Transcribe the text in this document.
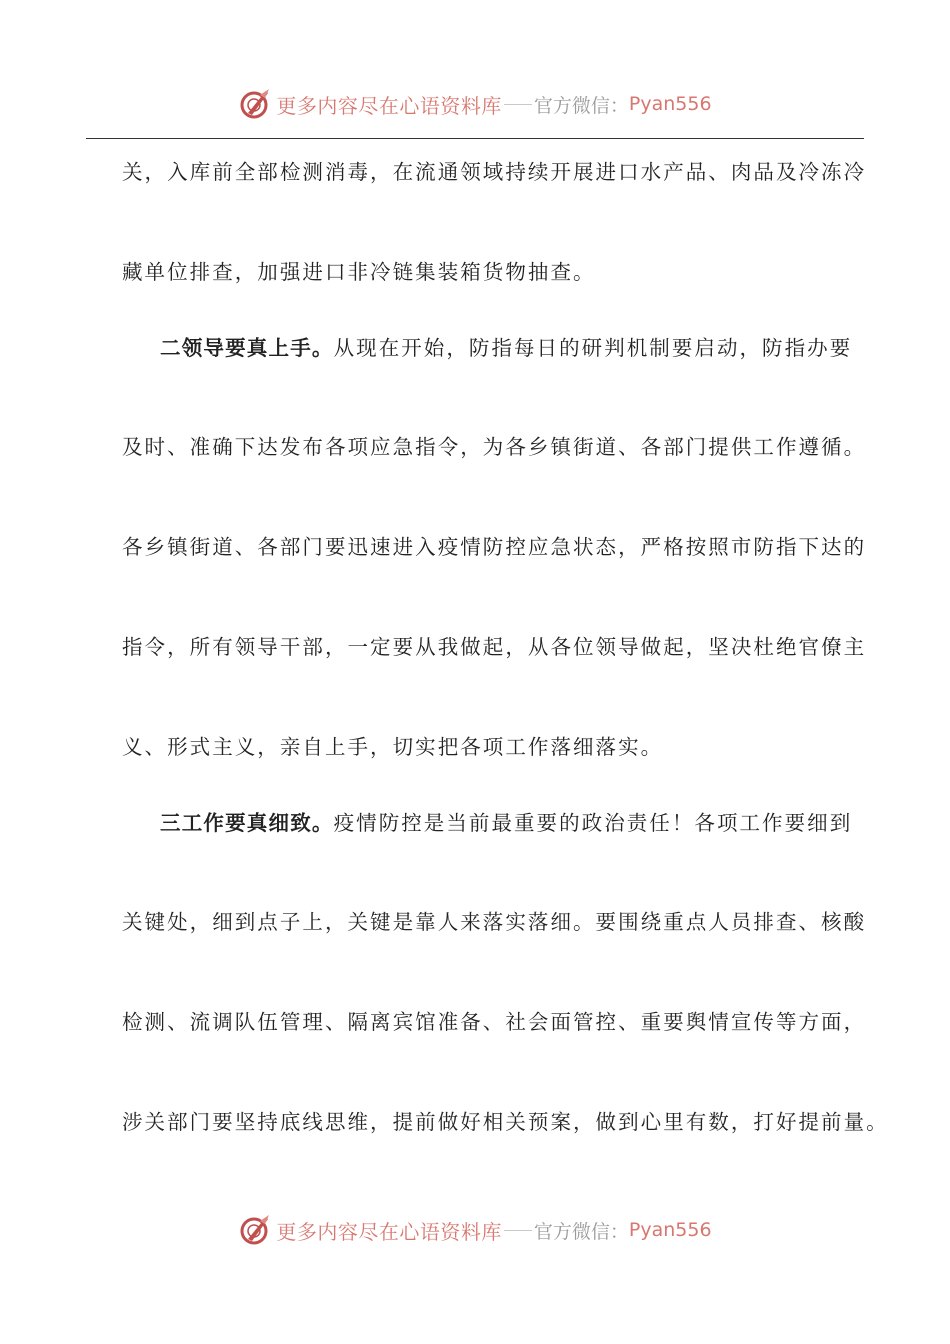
更多内容尽在心语资料库 官方微信： Pyan556
关，入库前全部检测消毒，在流通领域持续开展进口水产品、肉品及冷冻冷
藏单位排查，加强进口非冷链集装箱货物抽查。
二领导要真上手。从现在开始，防指每日的研判机制要启动，防指办要
及时、准确下达发布各项应急指令，为各乡镇街道、各部门提供工作遵循。
各乡镇街道、各部门要迅速进入疫情防控应急状态，严格按照市防指下达的
指令，所有领导干部，一定要从我做起，从各位领导做起，坚决杜绝官僚主
义、形式主义，亲自上手，切实把各项工作落细落实。
三工作要真细致。疫情防控是当前最重要的政治责任！各项工作要细到
关键处，细到点子上，关键是靠人来落实落细。要围绕重点人员排查、核酸
检测、流调队伍管理、隔离宾馆准备、社会面管控、重要舆情宣传等方面，
涉关部门要坚持底线思维，提前做好相关预案，做到心里有数，打好提前量。
更多内容尽在心语资料库 官方微信： Pyan556
